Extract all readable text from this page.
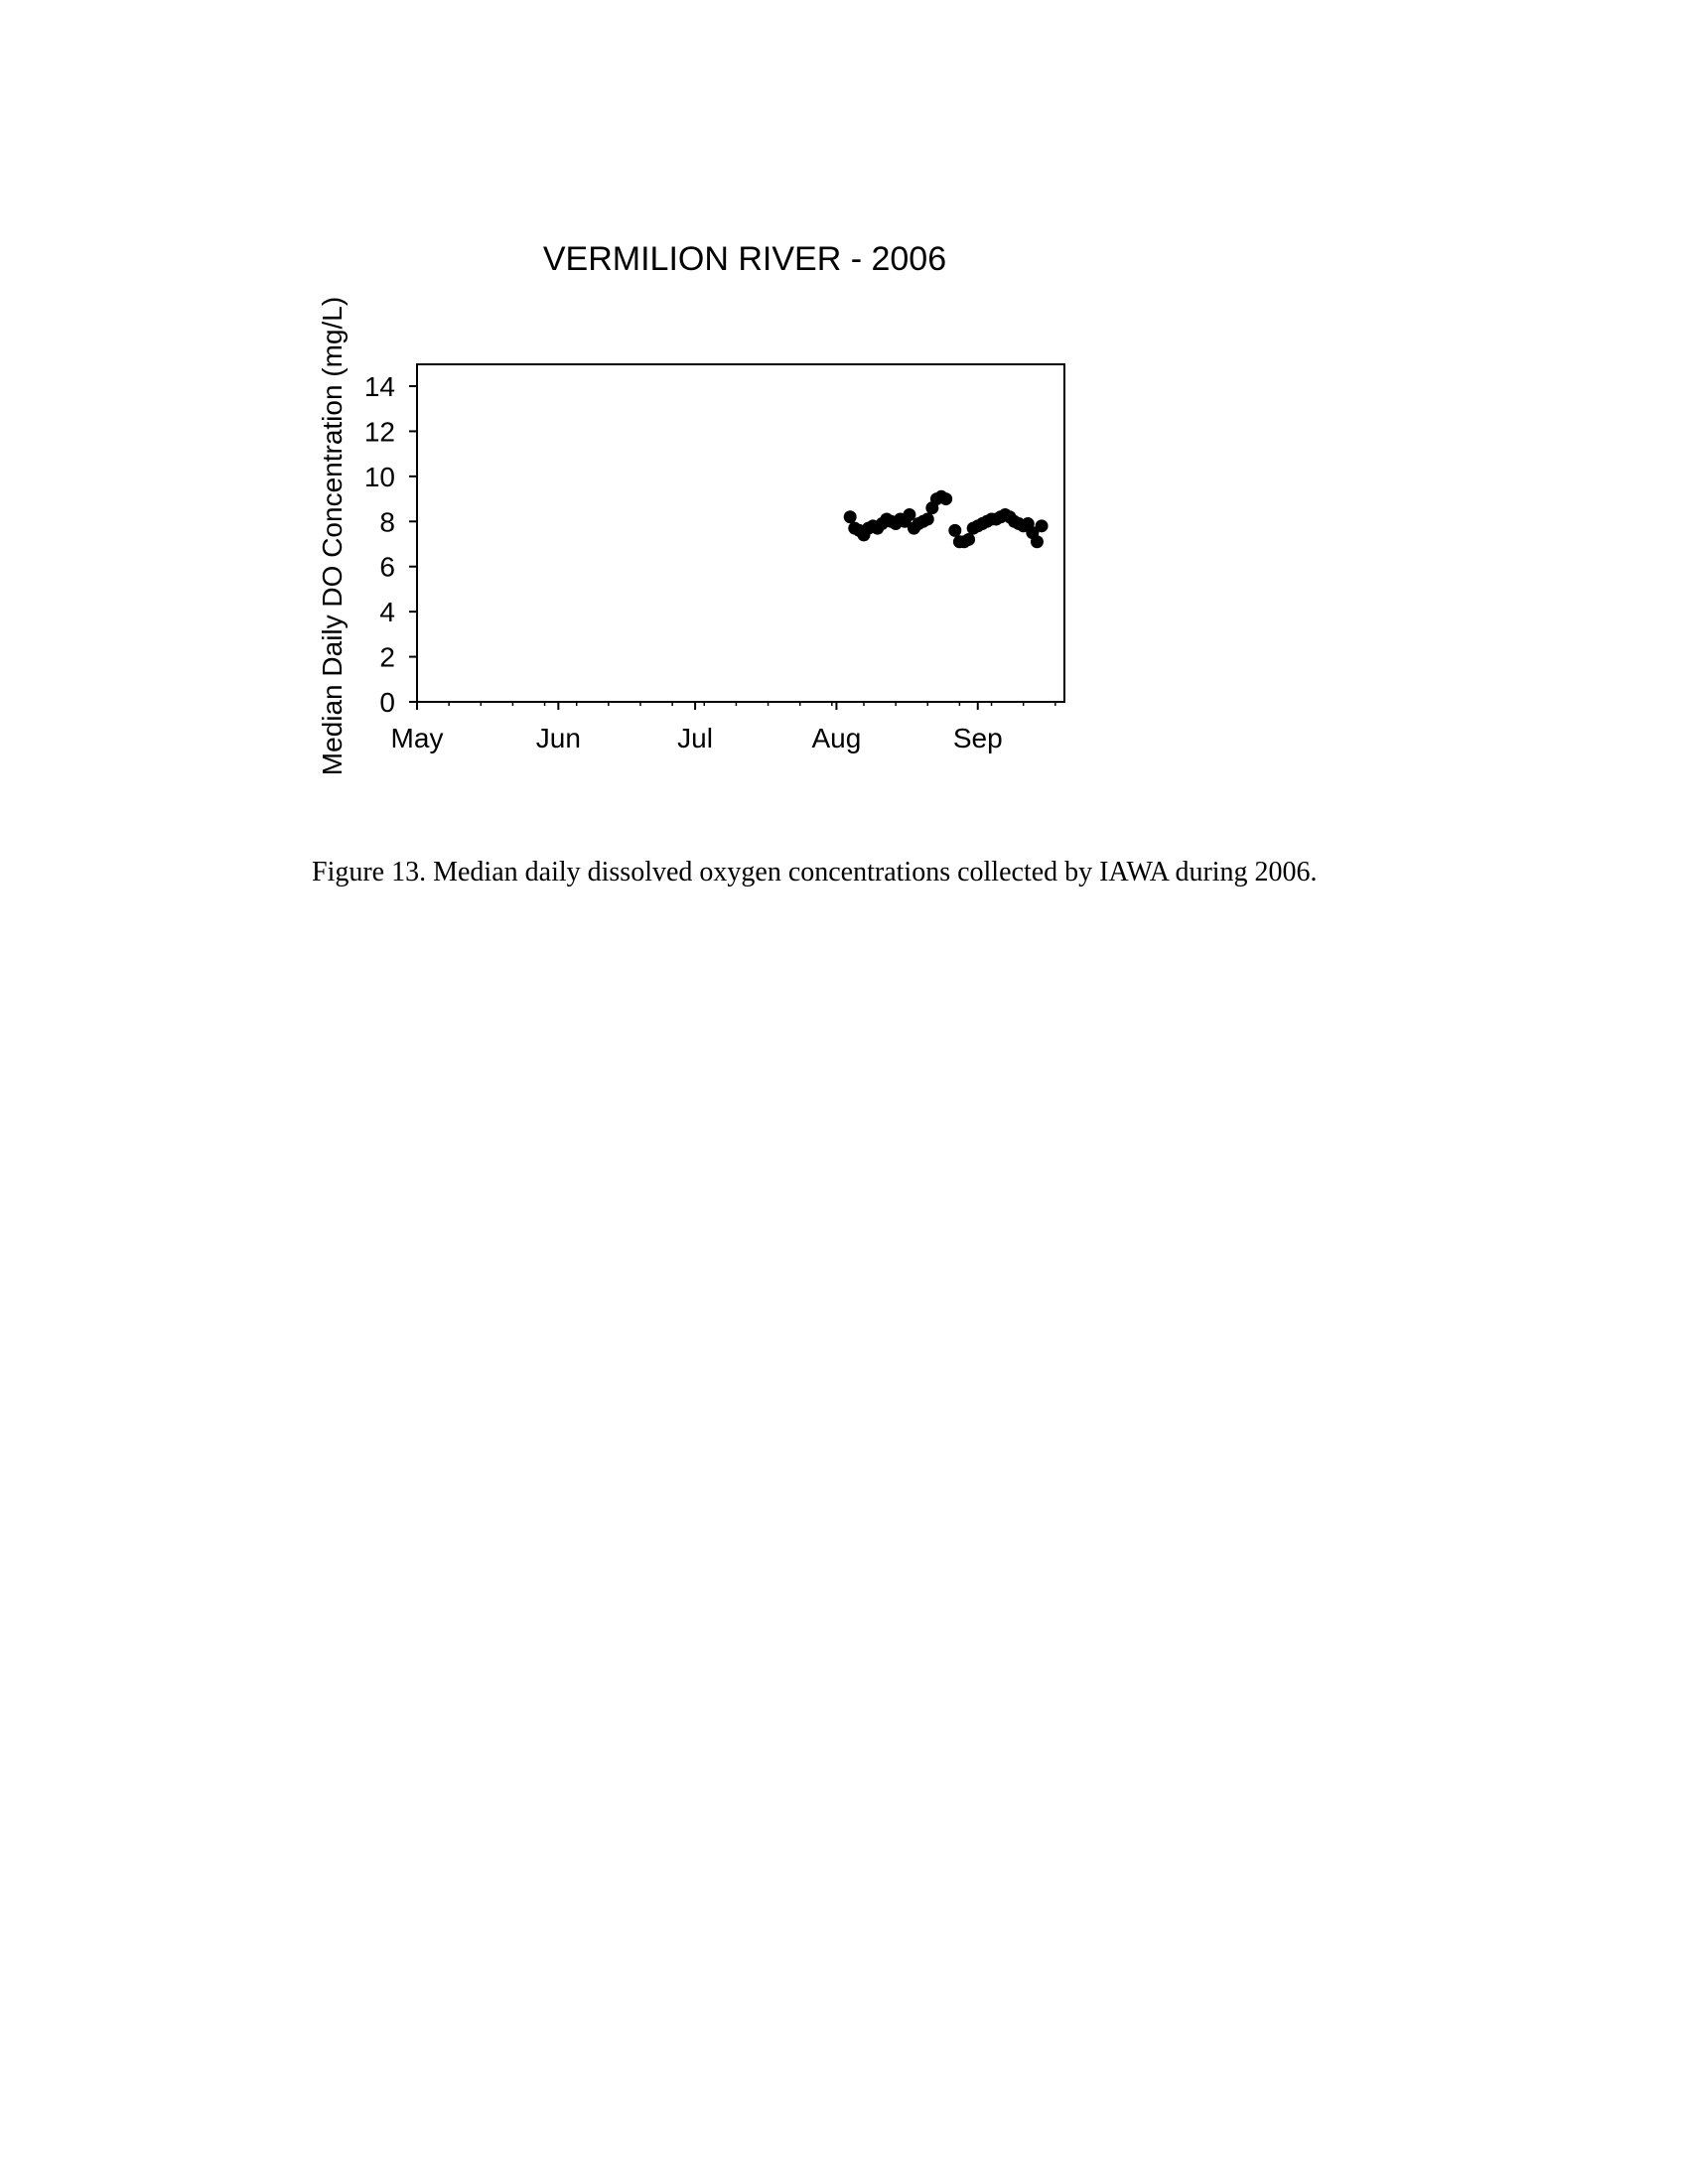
VERMILION RIVER - 2006
Median Daily DO Concentration (mg/L) 0
2
4
6
8
10
12
14
May	Jun	Jul	Aug	Sep
Figure 13. Median daily dissolved oxygen concentrations collected by IAWA during 2006.
